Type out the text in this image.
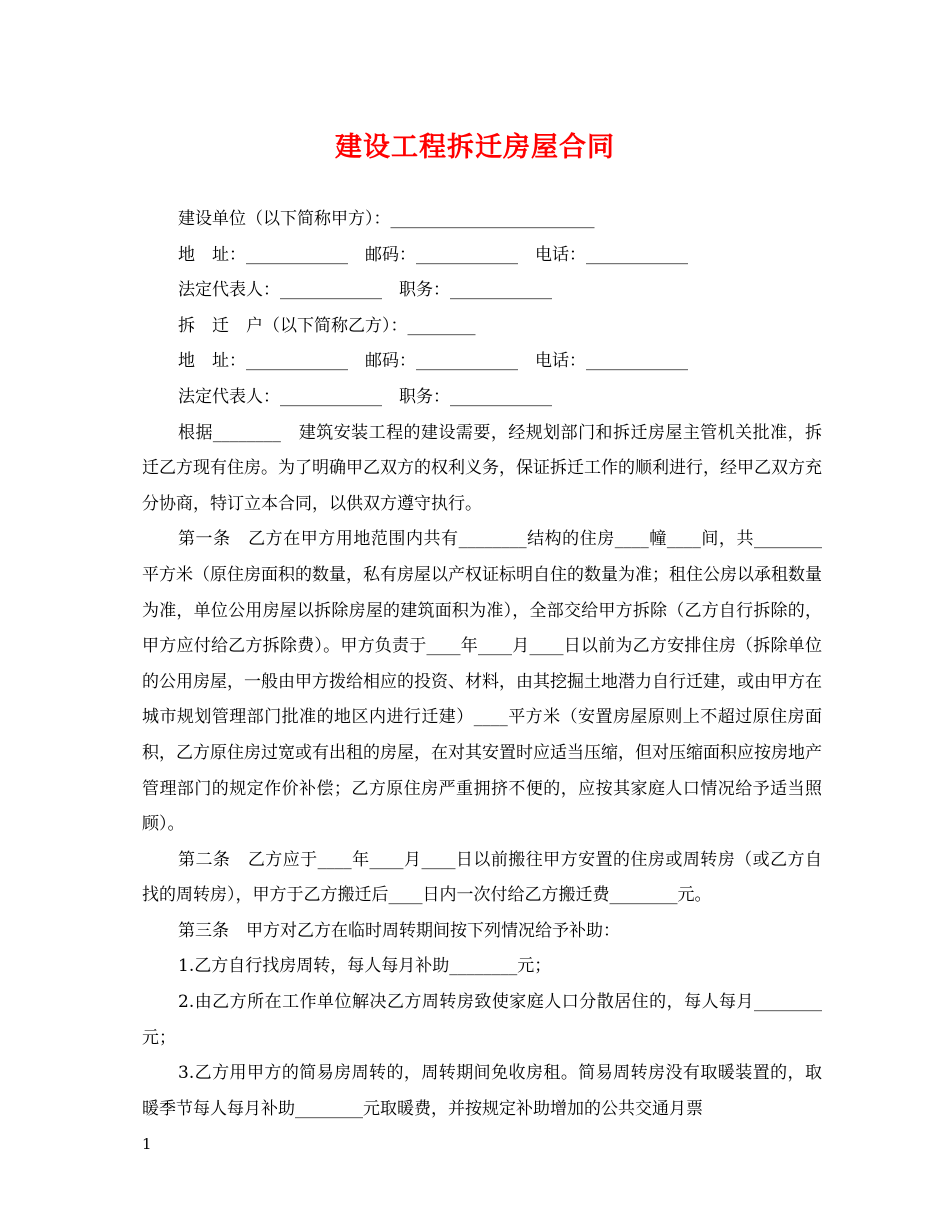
建设工程拆迁房屋合同
建设单位（以下简称甲方）：________________________
地　址：____________　邮码：____________　电话：____________
法定代表人：____________　职务：____________
拆　迁　户（以下简称乙方）：________
地　址：____________　邮码：____________　电话：____________
法定代表人：____________　职务：____________
根据________　建筑安装工程的建设需要，经规划部门和拆迁房屋主管机关批准，拆迁乙方现有住房。为了明确甲乙双方的权利义务，保证拆迁工作的顺利进行，经甲乙双方充分协商，特订立本合同，以供双方遵守执行。
第一条　乙方在甲方用地范围内共有________结构的住房____幢____间，共________平方米（原住房面积的数量，私有房屋以产权证标明自住的数量为准；租住公房以承租数量为准，单位公用房屋以拆除房屋的建筑面积为准），全部交给甲方拆除（乙方自行拆除的，甲方应付给乙方拆除费）。甲方负责于____年____月____日以前为乙方安排住房（拆除单位的公用房屋，一般由甲方拨给相应的投资、材料，由其挖掘土地潜力自行迁建，或由甲方在城市规划管理部门批准的地区内进行迁建）____平方米（安置房屋原则上不超过原住房面积，乙方原住房过宽或有出租的房屋，在对其安置时应适当压缩，但对压缩面积应按房地产管理部门的规定作价补偿；乙方原住房严重拥挤不便的，应按其家庭人口情况给予适当照顾）。
第二条　乙方应于____年____月____日以前搬往甲方安置的住房或周转房（或乙方自找的周转房），甲方于乙方搬迁后____日内一次付给乙方搬迁费________元。
第三条　甲方对乙方在临时周转期间按下列情况给予补助：
1.乙方自行找房周转，每人每月补助________元；
2.由乙方所在工作单位解决乙方周转房致使家庭人口分散居住的，每人每月________元；
3.乙方用甲方的简易房周转的，周转期间免收房租。简易周转房没有取暖装置的，取暖季节每人每月补助________元取暖费，并按规定补助增加的公共交通月票
1
